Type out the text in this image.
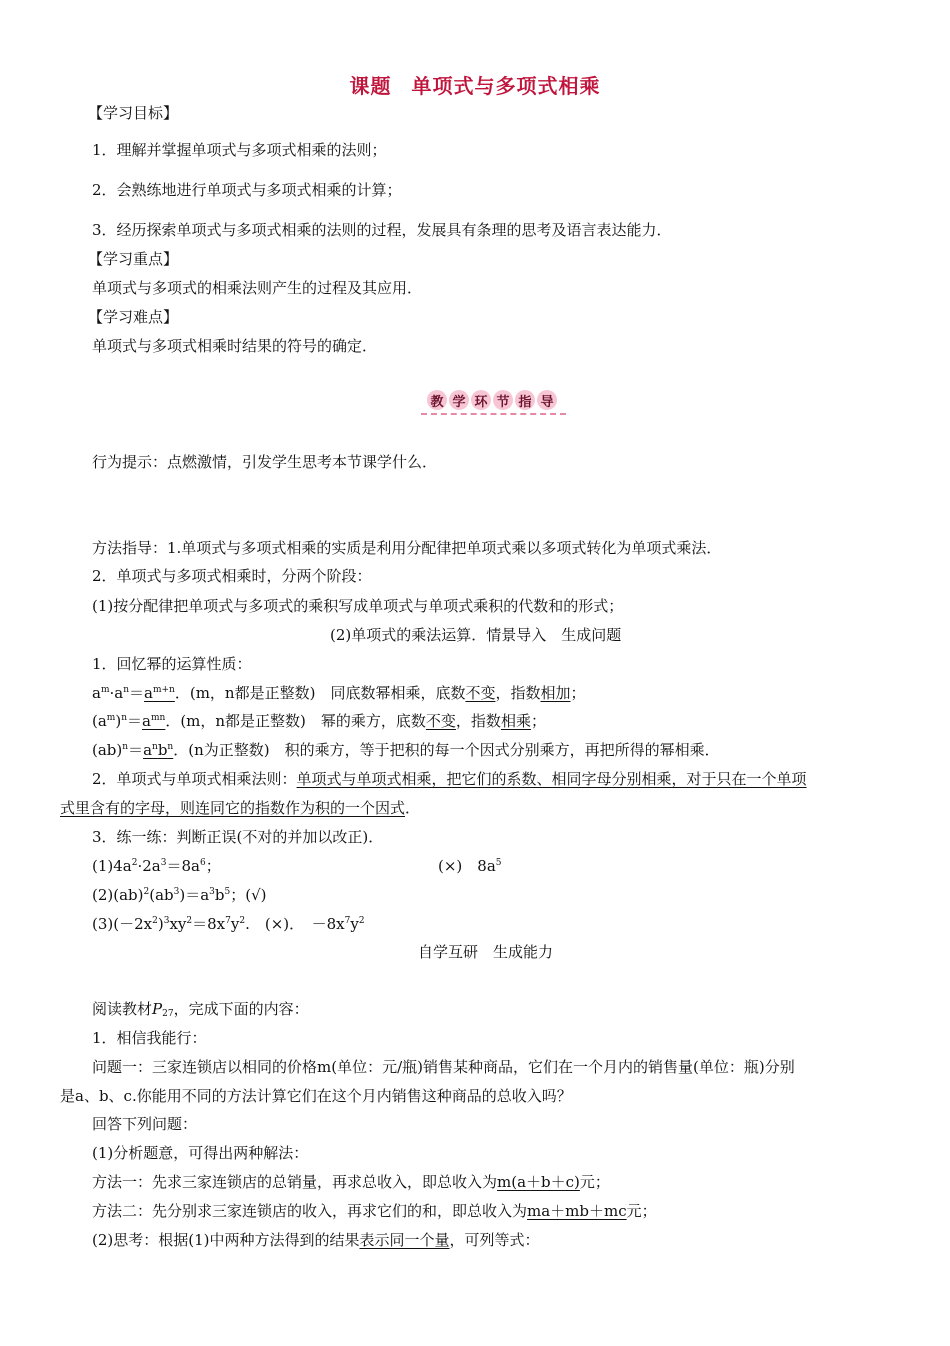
课题 单项式与多项式相乘
【学习目标】
1．理解并掌握单项式与多项式相乘的法则；
2．会熟练地进行单项式与多项式相乘的计算；
3．经历探索单项式与多项式相乘的法则的过程，发展具有条理的思考及语言表达能力．
【学习重点】
单项式与多项式的相乘法则产生的过程及其应用．
【学习难点】
单项式与多项式相乘时结果的符号的确定．
教 学 环 节 指 导
行为提示：点燃激情，引发学生思考本节课学什么．
方法指导：1.单项式与多项式相乘的实质是利用分配律把单项式乘以多项式转化为单项式乘法．
2．单项式与多项式相乘时，分两个阶段：
(1)按分配律把单项式与多项式的乘积写成单项式与单项式乘积的代数和的形式；
(2)单项式的乘法运算．情景导入　生成问题
1．回忆幂的运算性质：
$a^m\cdot a^n=a^{m+n}$．(m，n都是正整数)　同底数幂相乘，底数不变，指数相加；
$(a^m)^n=a^{mn}$．(m，n都是正整数)　幂的乘方，底数不变，指数相乘；
$(ab)^n=a^nb^n$．(n为正整数)　积的乘方，等于把积的每一个因式分别乘方，再把所得的幂相乘．
2．单项式与单项式相乘法则：单项式与单项式相乘，把它们的系数、相同字母分别相乘，对于只在一个单项
式里含有的字母，则连同它的指数作为积的一个因式．
3．练一练：判断正误(不对的并加以改正)．
$(1)4a^2\cdot 2a^3=8a^6$；	(×)　$8a^5$
$(2)(ab)^2(ab^3)=a^3b^5$；(√)
$(3)(-2x^2)^3xy^2=8x^7y^2$.　(×)．　$-8x^7y^2$
自学互研　生成能力
阅读教材$P_{27}$，完成下面的内容：
1．相信我能行：
问题一：三家连锁店以相同的价格m(单位：元/瓶)销售某种商品，它们在一个月内的销售量(单位：瓶)分别
是a、b、c.你能用不同的方法计算它们在这个月内销售这种商品的总收入吗？
回答下列问题：
(1)分析题意，可得出两种解法：
方法一：先求三家连锁店的总销量，再求总收入，即总收入为m(a＋b＋c)元；
方法二：先分别求三家连锁店的收入，再求它们的和，即总收入为ma＋mb＋mc元；
(2)思考：根据(1)中两种方法得到的结果表示同一个量，可列等式：
